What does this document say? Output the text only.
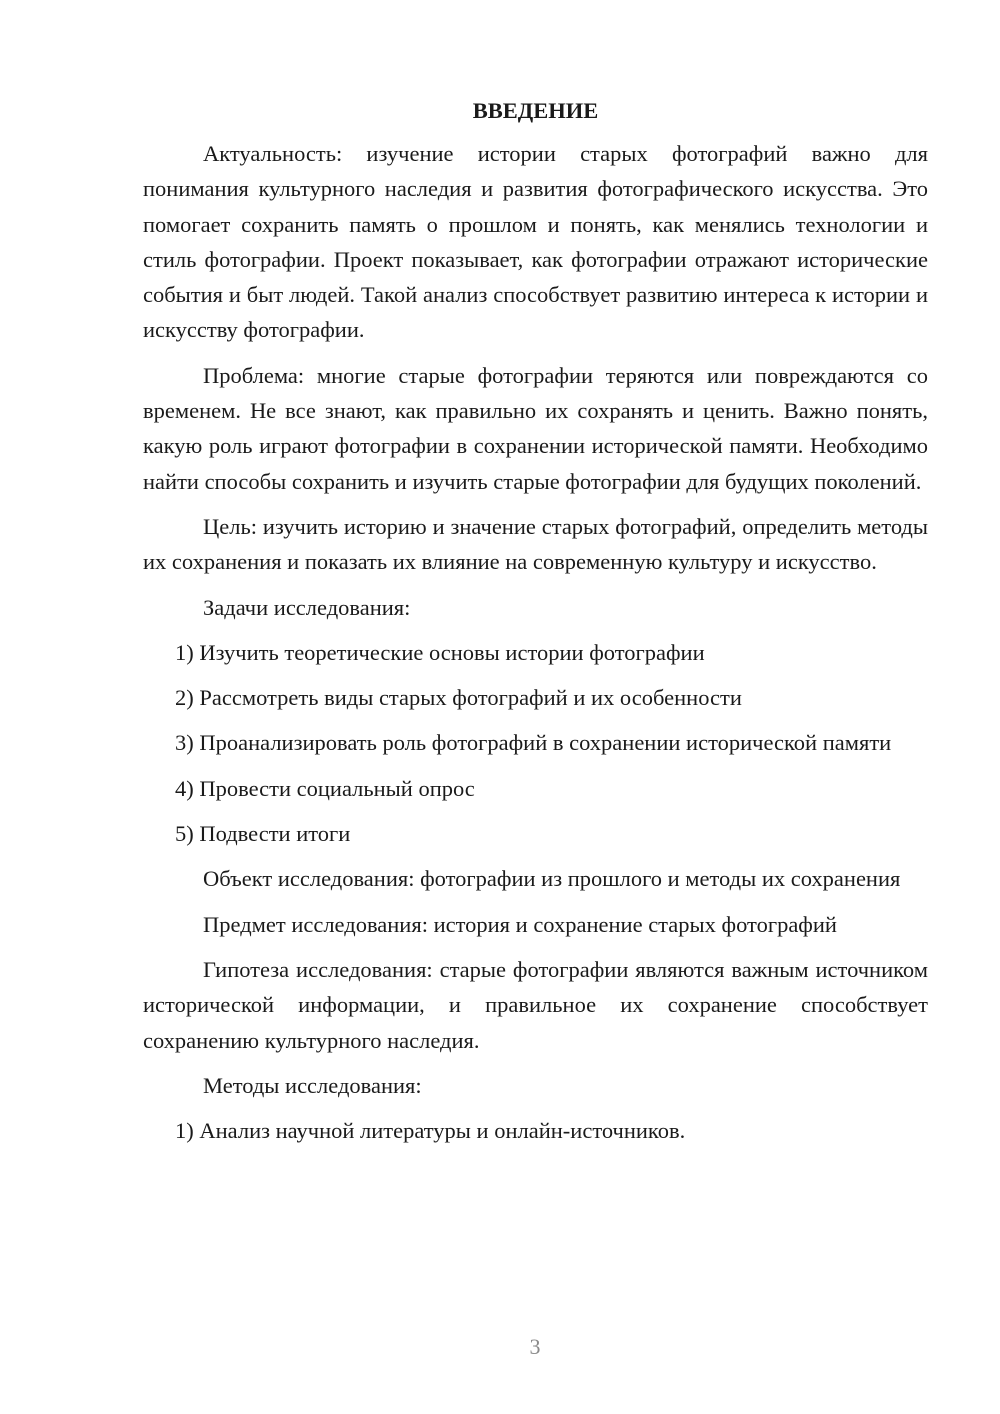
ВВЕДЕНИЕ

Актуальность: изучение истории старых фотографий важно для понимания культурного наследия и развития фотографического искусства. Это помогает сохранить память о прошлом и понять, как менялись технологии и стиль фотографии. Проект показывает, как фотографии отражают исторические события и быт людей. Такой анализ способствует развитию интереса к истории и искусству фотографии.

Проблема: многие старые фотографии теряются или повреждаются со временем. Не все знают, как правильно их сохранять и ценить. Важно понять, какую роль играют фотографии в сохранении исторической памяти. Необходимо найти способы сохранить и изучить старые фотографии для будущих поколений.

Цель: изучить историю и значение старых фотографий, определить методы их сохранения и показать их влияние на современную культуру и искусство.

Задачи исследования:

1) Изучить теоретические основы истории фотографии

2) Рассмотреть виды старых фотографий и их особенности

3) Проанализировать роль фотографий в сохранении исторической памяти

4) Провести социальный опрос

5) Подвести итоги

Объект исследования: фотографии из прошлого и методы их сохранения

Предмет исследования: история и сохранение старых фотографий

Гипотеза исследования: старые фотографии являются важным источником исторической информации, и правильное их сохранение способствует сохранению культурного наследия.

Методы исследования:

1) Анализ научной литературы и онлайн-источников.

3
